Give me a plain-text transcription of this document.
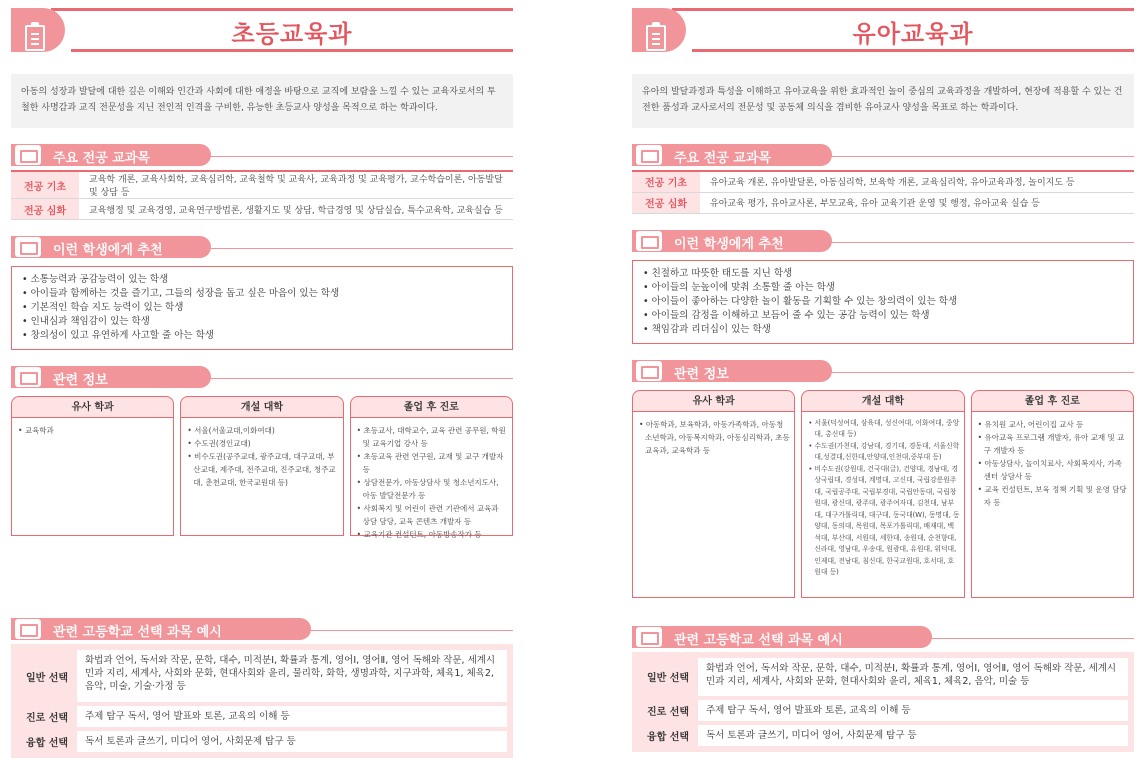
초등교육과
아동의 성장과 발달에 대한 깊은 이해와 인간과 사회에 대한 애정을 바탕으로 교직에 보람을 느낄 수 있는 교육자로서의 투철한 사명감과 교직 전문성을 지닌 전인적 인격을 구비한, 유능한 초등교사 양성을 목적으로 하는 학과이다.
주요 전공 교과목
전공 기초	교육학 개론, 교육사회학, 교육심리학, 교육철학 및 교육사, 교육과정 및 교육평가, 교수학습이론, 아동발달 및 상담 등
전공 심화	교육행정 및 교육경영, 교육연구방법론, 생활지도 및 상담, 학급경영 및 상담실습, 특수교육학, 교육실습 등
이런 학생에게 추천
• 소통능력과 공감능력이 있는 학생
• 아이들과 함께하는 것을 즐기고, 그들의 성장을 돕고 싶은 마음이 있는 학생
• 기본적인 학습 지도 능력이 있는 학생
• 인내심과 책임감이 있는 학생
• 창의성이 있고 유연하게 사고할 줄 아는 학생
관련 정보
유사 학과
• 교육학과
개설 대학
• 서울(서울교대,이화여대)
• 수도권(경인교대)
• 비수도권(공주교대, 광주교대, 대구교대, 부산교대, 제주대, 전주교대, 진주교대, 청주교대, 춘천교대, 한국교원대 등)
졸업 후 진로
• 초등교사, 대학교수, 교육 관련 공무원, 학원 및 교육기업 강사 등
• 초등교육 관련 연구원, 교재 및 교구 개발자 등
• 상담전문가, 아동상담사 및 청소년지도사, 아동 발달전문가 등
• 사회복지 및 어린이 관련 기관에서 교육과 상담 담당, 교육 콘텐츠 개발자 등
• 교육기관 컨설턴트, 아동방송작가 등
관련 고등학교 선택 과목 예시
일반 선택
화법과 언어, 독서와 작문, 문학, 대수, 미적분Ⅰ, 확률과 통계, 영어Ⅰ, 영어Ⅱ, 영어 독해와 작문, 세계시민과 지리, 세계사, 사회와 문화, 현대사회와 윤리, 물리학, 화학, 생명과학, 지구과학, 체육1, 체육2, 음악, 미술, 기술·가정 등
진로 선택	주제 탐구 독서, 영어 발표와 토론, 교육의 이해 등
융합 선택	독서 토론과 글쓰기, 미디어 영어, 사회문제 탐구 등
유아교육과
유아의 발달과정과 특성을 이해하고 유아교육을 위한 효과적인 놀이 중심의 교육과정을 개발하여, 현장에 적용할 수 있는 건전한 품성과 교사로서의 전문성 및 공동체 의식을 겸비한 유아교사 양성을 목표로 하는 학과이다.
주요 전공 교과목
전공 기초	유아교육 개론, 유아발달론, 아동심리학, 보육학 개론, 교육심리학, 유아교육과정, 놀이지도 등
전공 심화	유아교육 평가, 유아교사론, 부모교육, 유아 교육기관 운영 및 행정, 유아교육 실습 등
이런 학생에게 추천
• 친절하고 따뜻한 태도를 지닌 학생
• 아이들의 눈높이에 맞춰 소통할 줄 아는 학생
• 아이들이 좋아하는 다양한 놀이 활동을 기획할 수 있는 창의력이 있는 학생
• 아이들의 감정을 이해하고 보듬어 줄 수 있는 공감 능력이 있는 학생
• 책임감과 리더십이 있는 학생
관련 정보
유사 학과
• 아동학과, 보육학과, 아동가족학과, 아동청소년학과, 아동복지학과, 아동심리학과, 초등교육과, 교육학과 등
개설 대학
• 서울(덕성여대, 삼육대, 성신여대, 이화여대, 중앙대, 총신대 등)
• 수도권(가천대, 강남대, 경기대, 경동대, 서울신학대,성결대,신한대,안양대,인천대,중부대 등)
• 비수도권(강원대, 건국대(글), 건양대, 경남대, 경상국립대, 경성대, 계명대, 고신대, 국립강릉원주대, 국립공주대, 국립부경대, 국립안동대, 국립창원대, 광신대, 광주대, 광주여자대, 김천대, 남부대, 대구가톨릭대, 대구대, 동국대(W), 동명대, 동양대, 동의대, 목원대, 목포가톨릭대, 배재대, 백석대, 부산대, 서원대, 세한대, 송원대, 순천향대, 신라대, 영남대, 우송대, 원광대, 유원대, 위덕대, 인제대, 전남대, 침신대, 한국교원대, 호서대, 호원대 등)
졸업 후 진로
• 유치원 교사, 어린이집 교사 등
• 유아교육 프로그램 개발자, 유아 교재 및 교구 개발자 등
• 아동상담사, 놀이치료사, 사회복지사, 가족센터 상담사 등
• 교육 컨설턴트, 보육 정책 기획 및 운영 담당자 등
관련 고등학교 선택 과목 예시
일반 선택
화법과 언어, 독서와 작문, 문학, 대수, 미적분Ⅰ, 확률과 통계, 영어Ⅰ, 영어Ⅱ, 영어 독해와 작문, 세계시민과 지리, 세계사, 사회와 문화, 현대사회와 윤리, 체육1, 체육2, 음악, 미술 등
진로 선택	주제 탐구 독서, 영어 발표와 토론, 교육의 이해 등
융합 선택	독서 토론과 글쓰기, 미디어 영어, 사회문제 탐구 등
